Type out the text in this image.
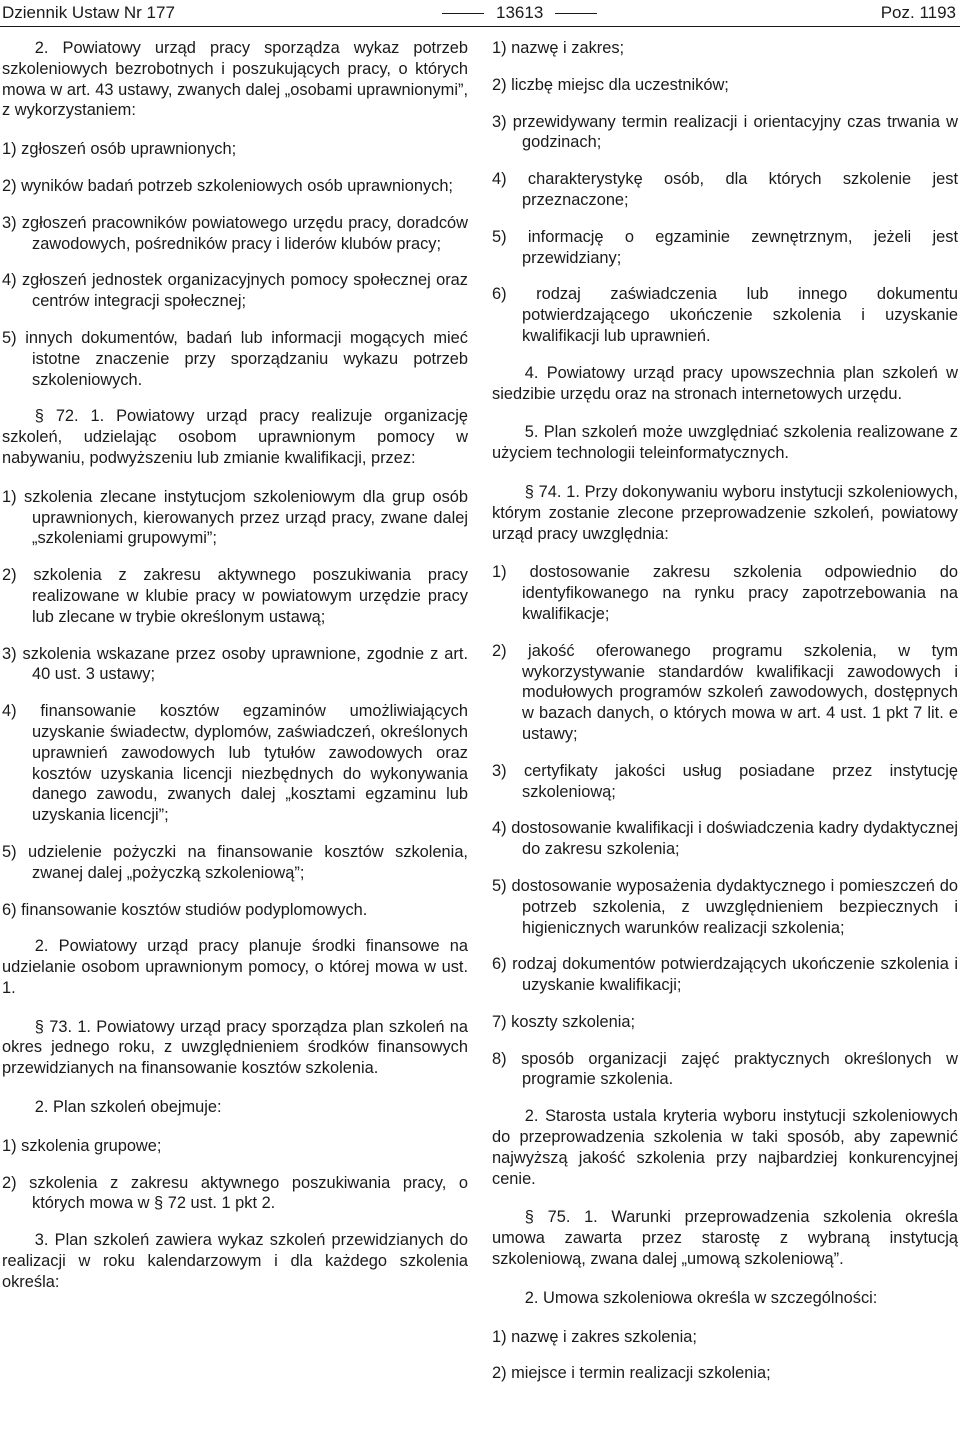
Dziennik Ustaw Nr 177	13613	Poz. 1193

2. Powiatowy urząd pracy sporządza wykaz potrzeb szkoleniowych bezrobotnych i poszukujących pracy, o których mowa w art. 43 ustawy, zwanych dalej „osobami uprawnionymi”, z wykorzystaniem:

1) zgłoszeń osób uprawnionych;

2) wyników badań potrzeb szkoleniowych osób uprawnionych;

3) zgłoszeń pracowników powiatowego urzędu pracy, doradców zawodowych, pośredników pracy i liderów klubów pracy;

4) zgłoszeń jednostek organizacyjnych pomocy społecznej oraz centrów integracji społecznej;

5) innych dokumentów, badań lub informacji mogących mieć istotne znaczenie przy sporządzaniu wykazu potrzeb szkoleniowych.

§ 72. 1. Powiatowy urząd pracy realizuje organizację szkoleń, udzielając osobom uprawnionym pomocy w nabywaniu, podwyższeniu lub zmianie kwalifikacji, przez:

1) szkolenia zlecane instytucjom szkoleniowym dla grup osób uprawnionych, kierowanych przez urząd pracy, zwane dalej „szkoleniami grupowymi”;

2) szkolenia z zakresu aktywnego poszukiwania pracy realizowane w klubie pracy w powiatowym urzędzie pracy lub zlecane w trybie określonym ustawą;

3) szkolenia wskazane przez osoby uprawnione, zgodnie z art. 40 ust. 3 ustawy;

4) finansowanie kosztów egzaminów umożliwiających uzyskanie świadectw, dyplomów, zaświadczeń, określonych uprawnień zawodowych lub tytułów zawodowych oraz kosztów uzyskania licencji niezbędnych do wykonywania danego zawodu, zwanych dalej „kosztami egzaminu lub uzyskania licencji”;

5) udzielenie pożyczki na finansowanie kosztów szkolenia, zwanej dalej „pożyczką szkoleniową”;

6) finansowanie kosztów studiów podyplomowych.

2. Powiatowy urząd pracy planuje środki finansowe na udzielanie osobom uprawnionym pomocy, o której mowa w ust. 1.

§ 73. 1. Powiatowy urząd pracy sporządza plan szkoleń na okres jednego roku, z uwzględnieniem środków finansowych przewidzianych na finansowanie kosztów szkolenia.

2. Plan szkoleń obejmuje:

1) szkolenia grupowe;

2) szkolenia z zakresu aktywnego poszukiwania pracy, o których mowa w § 72 ust. 1 pkt 2.

3. Plan szkoleń zawiera wykaz szkoleń przewidzianych do realizacji w roku kalendarzowym i dla każdego szkolenia określa:

1) nazwę i zakres;

2) liczbę miejsc dla uczestników;

3) przewidywany termin realizacji i orientacyjny czas trwania w godzinach;

4) charakterystykę osób, dla których szkolenie jest przeznaczone;

5) informację o egzaminie zewnętrznym, jeżeli jest przewidziany;

6) rodzaj zaświadczenia lub innego dokumentu potwierdzającego ukończenie szkolenia i uzyskanie kwalifikacji lub uprawnień.

4. Powiatowy urząd pracy upowszechnia plan szkoleń w siedzibie urzędu oraz na stronach internetowych urzędu.

5. Plan szkoleń może uwzględniać szkolenia realizowane z użyciem technologii teleinformatycznych.

§ 74. 1. Przy dokonywaniu wyboru instytucji szkoleniowych, którym zostanie zlecone przeprowadzenie szkoleń, powiatowy urząd pracy uwzględnia:

1) dostosowanie zakresu szkolenia odpowiednio do identyfikowanego na rynku pracy zapotrzebowania na kwalifikacje;

2) jakość oferowanego programu szkolenia, w tym wykorzystywanie standardów kwalifikacji zawodowych i modułowych programów szkoleń zawodowych, dostępnych w bazach danych, o których mowa w art. 4 ust. 1 pkt 7 lit. e ustawy;

3) certyfikaty jakości usług posiadane przez instytucję szkoleniową;

4) dostosowanie kwalifikacji i doświadczenia kadry dydaktycznej do zakresu szkolenia;

5) dostosowanie wyposażenia dydaktycznego i pomieszczeń do potrzeb szkolenia, z uwzględnieniem bezpiecznych i higienicznych warunków realizacji szkolenia;

6) rodzaj dokumentów potwierdzających ukończenie szkolenia i uzyskanie kwalifikacji;

7) koszty szkolenia;

8) sposób organizacji zajęć praktycznych określonych w programie szkolenia.

2. Starosta ustala kryteria wyboru instytucji szkoleniowych do przeprowadzenia szkolenia w taki sposób, aby zapewnić najwyższą jakość szkolenia przy najbardziej konkurencyjnej cenie.

§ 75. 1. Warunki przeprowadzenia szkolenia określa umowa zawarta przez starostę z wybraną instytucją szkoleniową, zwana dalej „umową szkoleniową”.

2. Umowa szkoleniowa określa w szczególności:

1) nazwę i zakres szkolenia;

2) miejsce i termin realizacji szkolenia;
